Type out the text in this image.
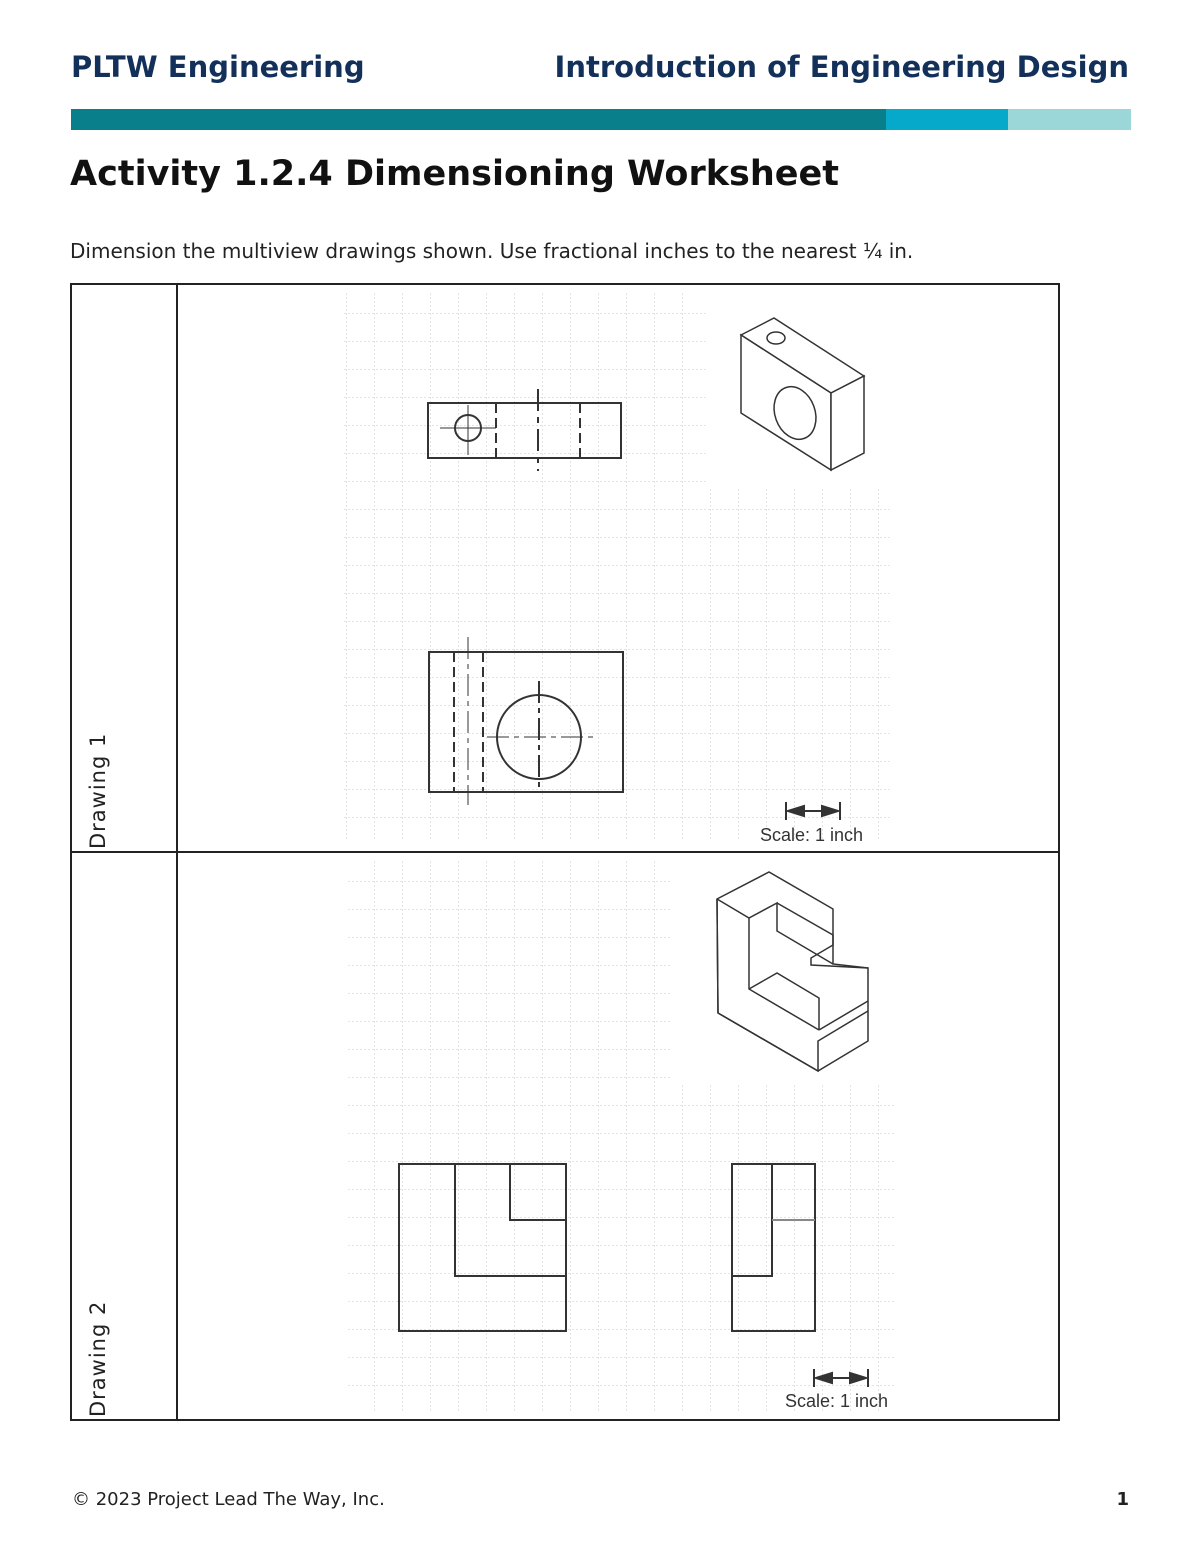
PLTW Engineering	Introduction of Engineering Design
Activity 1.2.4 Dimensioning Worksheet
Dimension the multiview drawings shown. Use fractional inches to the nearest ¼ in.
Drawing 1	Scale: 1 inch

Drawing 2	Scale: 1 inch
© 2023 Project Lead The Way, Inc.	1
